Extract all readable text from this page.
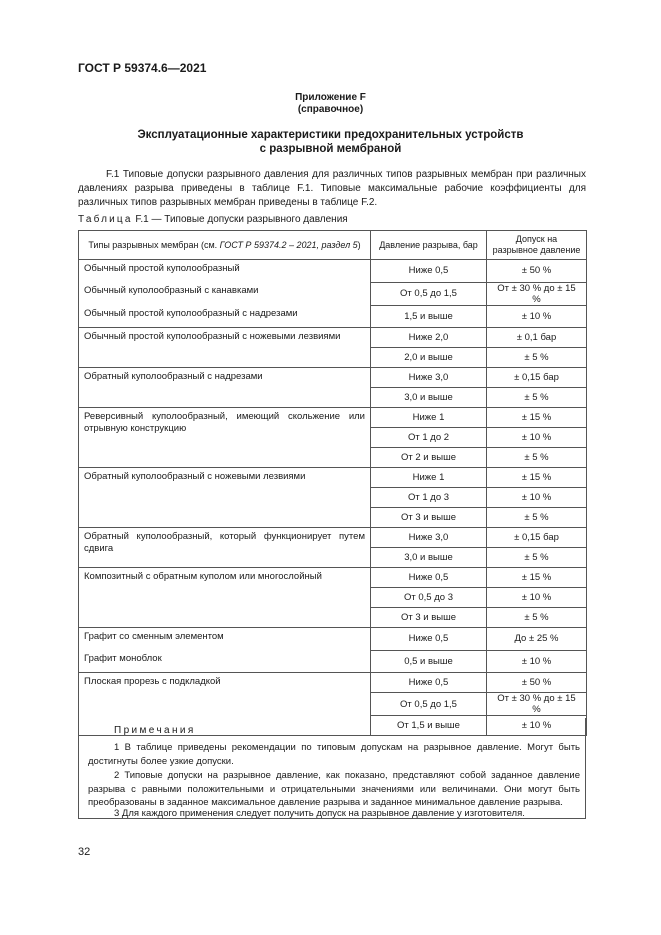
ГОСТ Р 59374.6—2021
Приложение F
(справочное)
Эксплуатационные характеристики предохранительных устройств
с разрывной мембраной

F.1 Типовые допуски разрывного давления для различных типов разрывных мембран при различных давлениях разрыва приведены в таблице F.1. Типовые максимальные рабочие коэффициенты для различных типов разрывных мембран приведены в таблице F.2.

Таблица F.1 — Типовые допуски разрывного давления
Типы разрывных мембран (см. ГОСТ Р 59374.2 – 2021, раздел 5)	Давление разрыва, бар	Допуск на разрывное давление
Обычный простой куполообразный	Ниже 0,5	± 50 %
Обычный куполообразный с канавками	От 0,5 до 1,5	От ± 30 % до ± 15 %
Обычный простой куполообразный с надрезами	1,5 и выше	± 10 %
Обычный простой куполообразный с ножевыми лезвиями	Ниже 2,0	± 0,1 бар
	2,0 и выше	± 5 %
Обратный куполообразный с надрезами	Ниже 3,0	± 0,15 бар
	3,0 и выше	± 5 %
Реверсивный куполообразный, имеющий скольжение или отрывную конструкцию	Ниже 1	± 15 %
	От 1 до 2	± 10 %
	От 2 и выше	± 5 %
Обратный куполообразный с ножевыми лезвиями	Ниже 1	± 15 %
	От 1 до 3	± 10 %
	От 3 и выше	± 5 %
Обратный куполообразный, который функционирует путем сдвига	Ниже 3,0	± 0,15 бар
	3,0 и выше	± 5 %
Композитный с обратным куполом или многослойный	Ниже 0,5	± 15 %
	От 0,5 до 3	± 10 %
	От 3 и выше	± 5 %
Графит со сменным элементом	Ниже 0,5	До ± 25 %
Графит моноблок	0,5 и выше	± 10 %
Плоская прорезь с подкладкой	Ниже 0,5	± 50 %
	От 0,5 до 1,5	От ± 30 % до ± 15 %
	От 1,5 и выше	± 10 %
Примечания

1 В таблице приведены рекомендации по типовым допускам на разрывное давление. Могут быть достигнуты более узкие допуски.

2 Типовые допуски на разрывное давление, как показано, представляют собой заданное давление разрыва с равными положительными и отрицательными значениями или величинами. Они могут быть преобразованы в заданное максимальное давление разрыва и заданное минимальное давление разрыва.

3 Для каждого применения следует получить допуск на разрывное давление у изготовителя.

32
